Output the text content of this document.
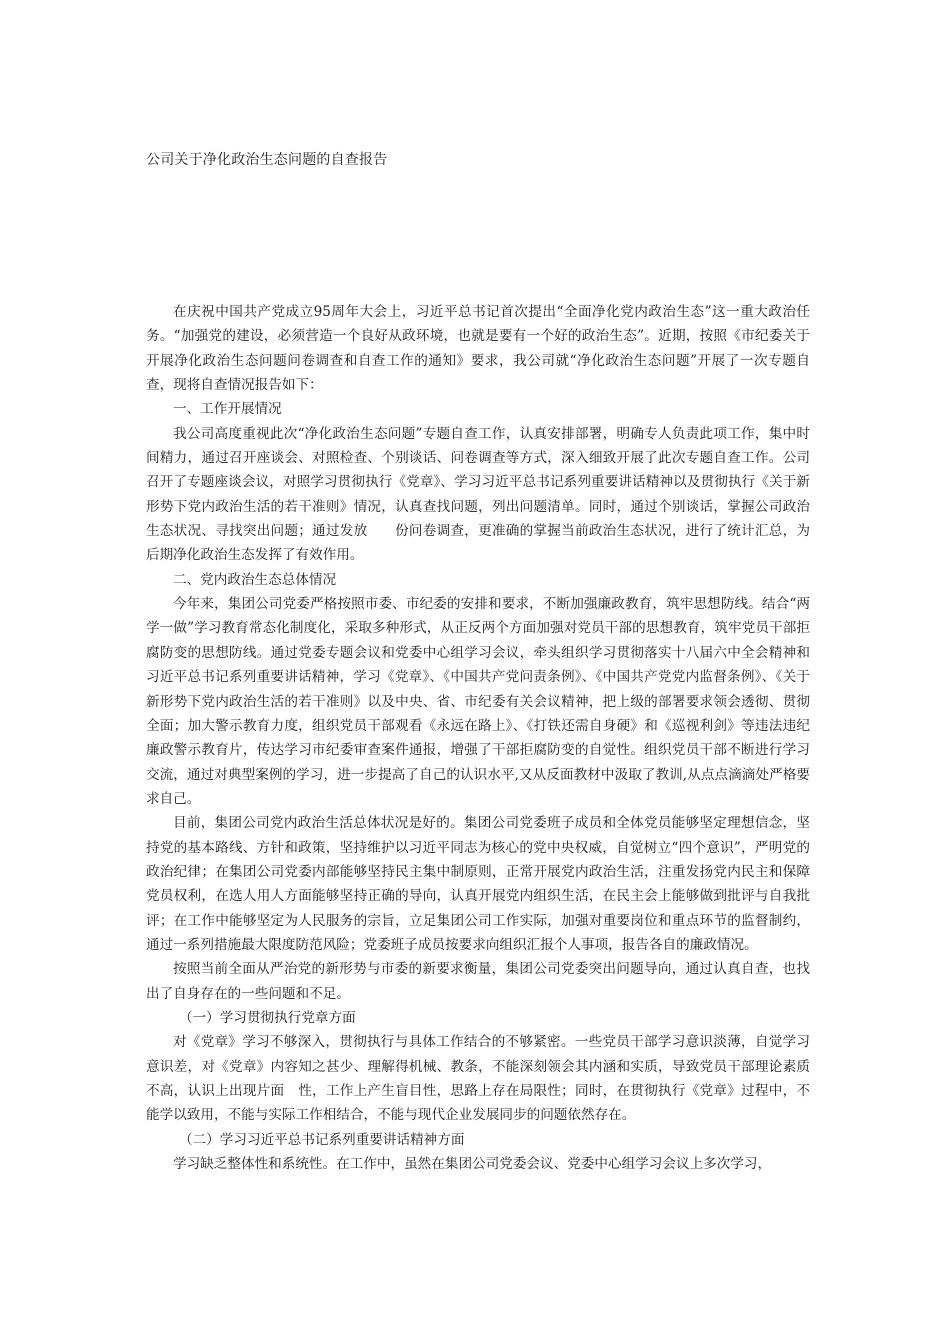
公司关于净化政治生态问题的自查报告

在庆祝中国共产党成立95周年大会上，习近平总书记首次提出“全面净化党内政治生态”这一重大政治任务。“加强党的建设，必须营造一个良好从政环境，也就是要有一个好的政治生态”。近期，按照《市纪委关于开展净化政治生态问题问卷调查和自查工作的通知》要求，我公司就“净化政治生态问题”开展了一次专题自查，现将自查情况报告如下：

一、工作开展情况

我公司高度重视此次“净化政治生态问题”专题自查工作，认真安排部署，明确专人负责此项工作，集中时间精力，通过召开座谈会、对照检查、个别谈话、问卷调查等方式，深入细致开展了此次专题自查工作。公司召开了专题座谈会议，对照学习贯彻执行《党章》、学习习近平总书记系列重要讲话精神以及贯彻执行《关于新形势下党内政治生活的若干准则》情况，认真查找问题，列出问题清单。同时，通过个别谈话，掌握公司政治生态状况、寻找突出问题；通过发放　　份问卷调查，更准确的掌握当前政治生态状况，进行了统计汇总，为后期净化政治生态发挥了有效作用。

二、党内政治生态总体情况

今年来，集团公司党委严格按照市委、市纪委的安排和要求，不断加强廉政教育，筑牢思想防线。结合“两学一做”学习教育常态化制度化，采取多种形式，从正反两个方面加强对党员干部的思想教育，筑牢党员干部拒腐防变的思想防线。通过党委专题会议和党委中心组学习会议，牵头组织学习贯彻落实十八届六中全会精神和习近平总书记系列重要讲话精神，学习《党章》、《中国共产党问责条例》、《中国共产党党内监督条例》、《关于新形势下党内政治生活的若干准则》以及中央、省、市纪委有关会议精神，把上级的部署要求领会透彻、贯彻全面；加大警示教育力度，组织党员干部观看《永远在路上》、《打铁还需自身硬》和《巡视利剑》等违法违纪廉政警示教育片，传达学习市纪委审查案件通报，增强了干部拒腐防变的自觉性。组织党员干部不断进行学习交流，通过对典型案例的学习，进一步提高了自己的认识水平,又从反面教材中汲取了教训,从点点滴滴处严格要求自己。

目前，集团公司党内政治生活总体状况是好的。集团公司党委班子成员和全体党员能够坚定理想信念，坚持党的基本路线、方针和政策，坚持维护以习近平同志为核心的党中央权威，自觉树立“四个意识”，严明党的政治纪律；在集团公司党委内部能够坚持民主集中制原则，正常开展党内政治生活，注重发扬党内民主和保障党员权利，在选人用人方面能够坚持正确的导向，认真开展党内组织生活，在民主会上能够做到批评与自我批评；在工作中能够坚定为人民服务的宗旨，立足集团公司工作实际，加强对重要岗位和重点环节的监督制约，通过一系列措施最大限度防范风险；党委班子成员按要求向组织汇报个人事项，报告各自的廉政情况。

按照当前全面从严治党的新形势与市委的新要求衡量，集团公司党委突出问题导向，通过认真自查，也找出了自身存在的一些问题和不足。

（一）学习贯彻执行党章方面

对《党章》学习不够深入，贯彻执行与具体工作结合的不够紧密。一些党员干部学习意识淡薄，自觉学习意识差，对《党章》内容知之甚少、理解得机械、教条，不能深刻领会其内涵和实质，导致党员干部理论素质不高，认识上出现片面　性，工作上产生盲目性，思路上存在局限性；同时，在贯彻执行《党章》过程中，不能学以致用，不能与实际工作相结合，不能与现代企业发展同步的问题依然存在。

（二）学习习近平总书记系列重要讲话精神方面

学习缺乏整体性和系统性。在工作中，虽然在集团公司党委会议、党委中心组学习会议上多次学习，
